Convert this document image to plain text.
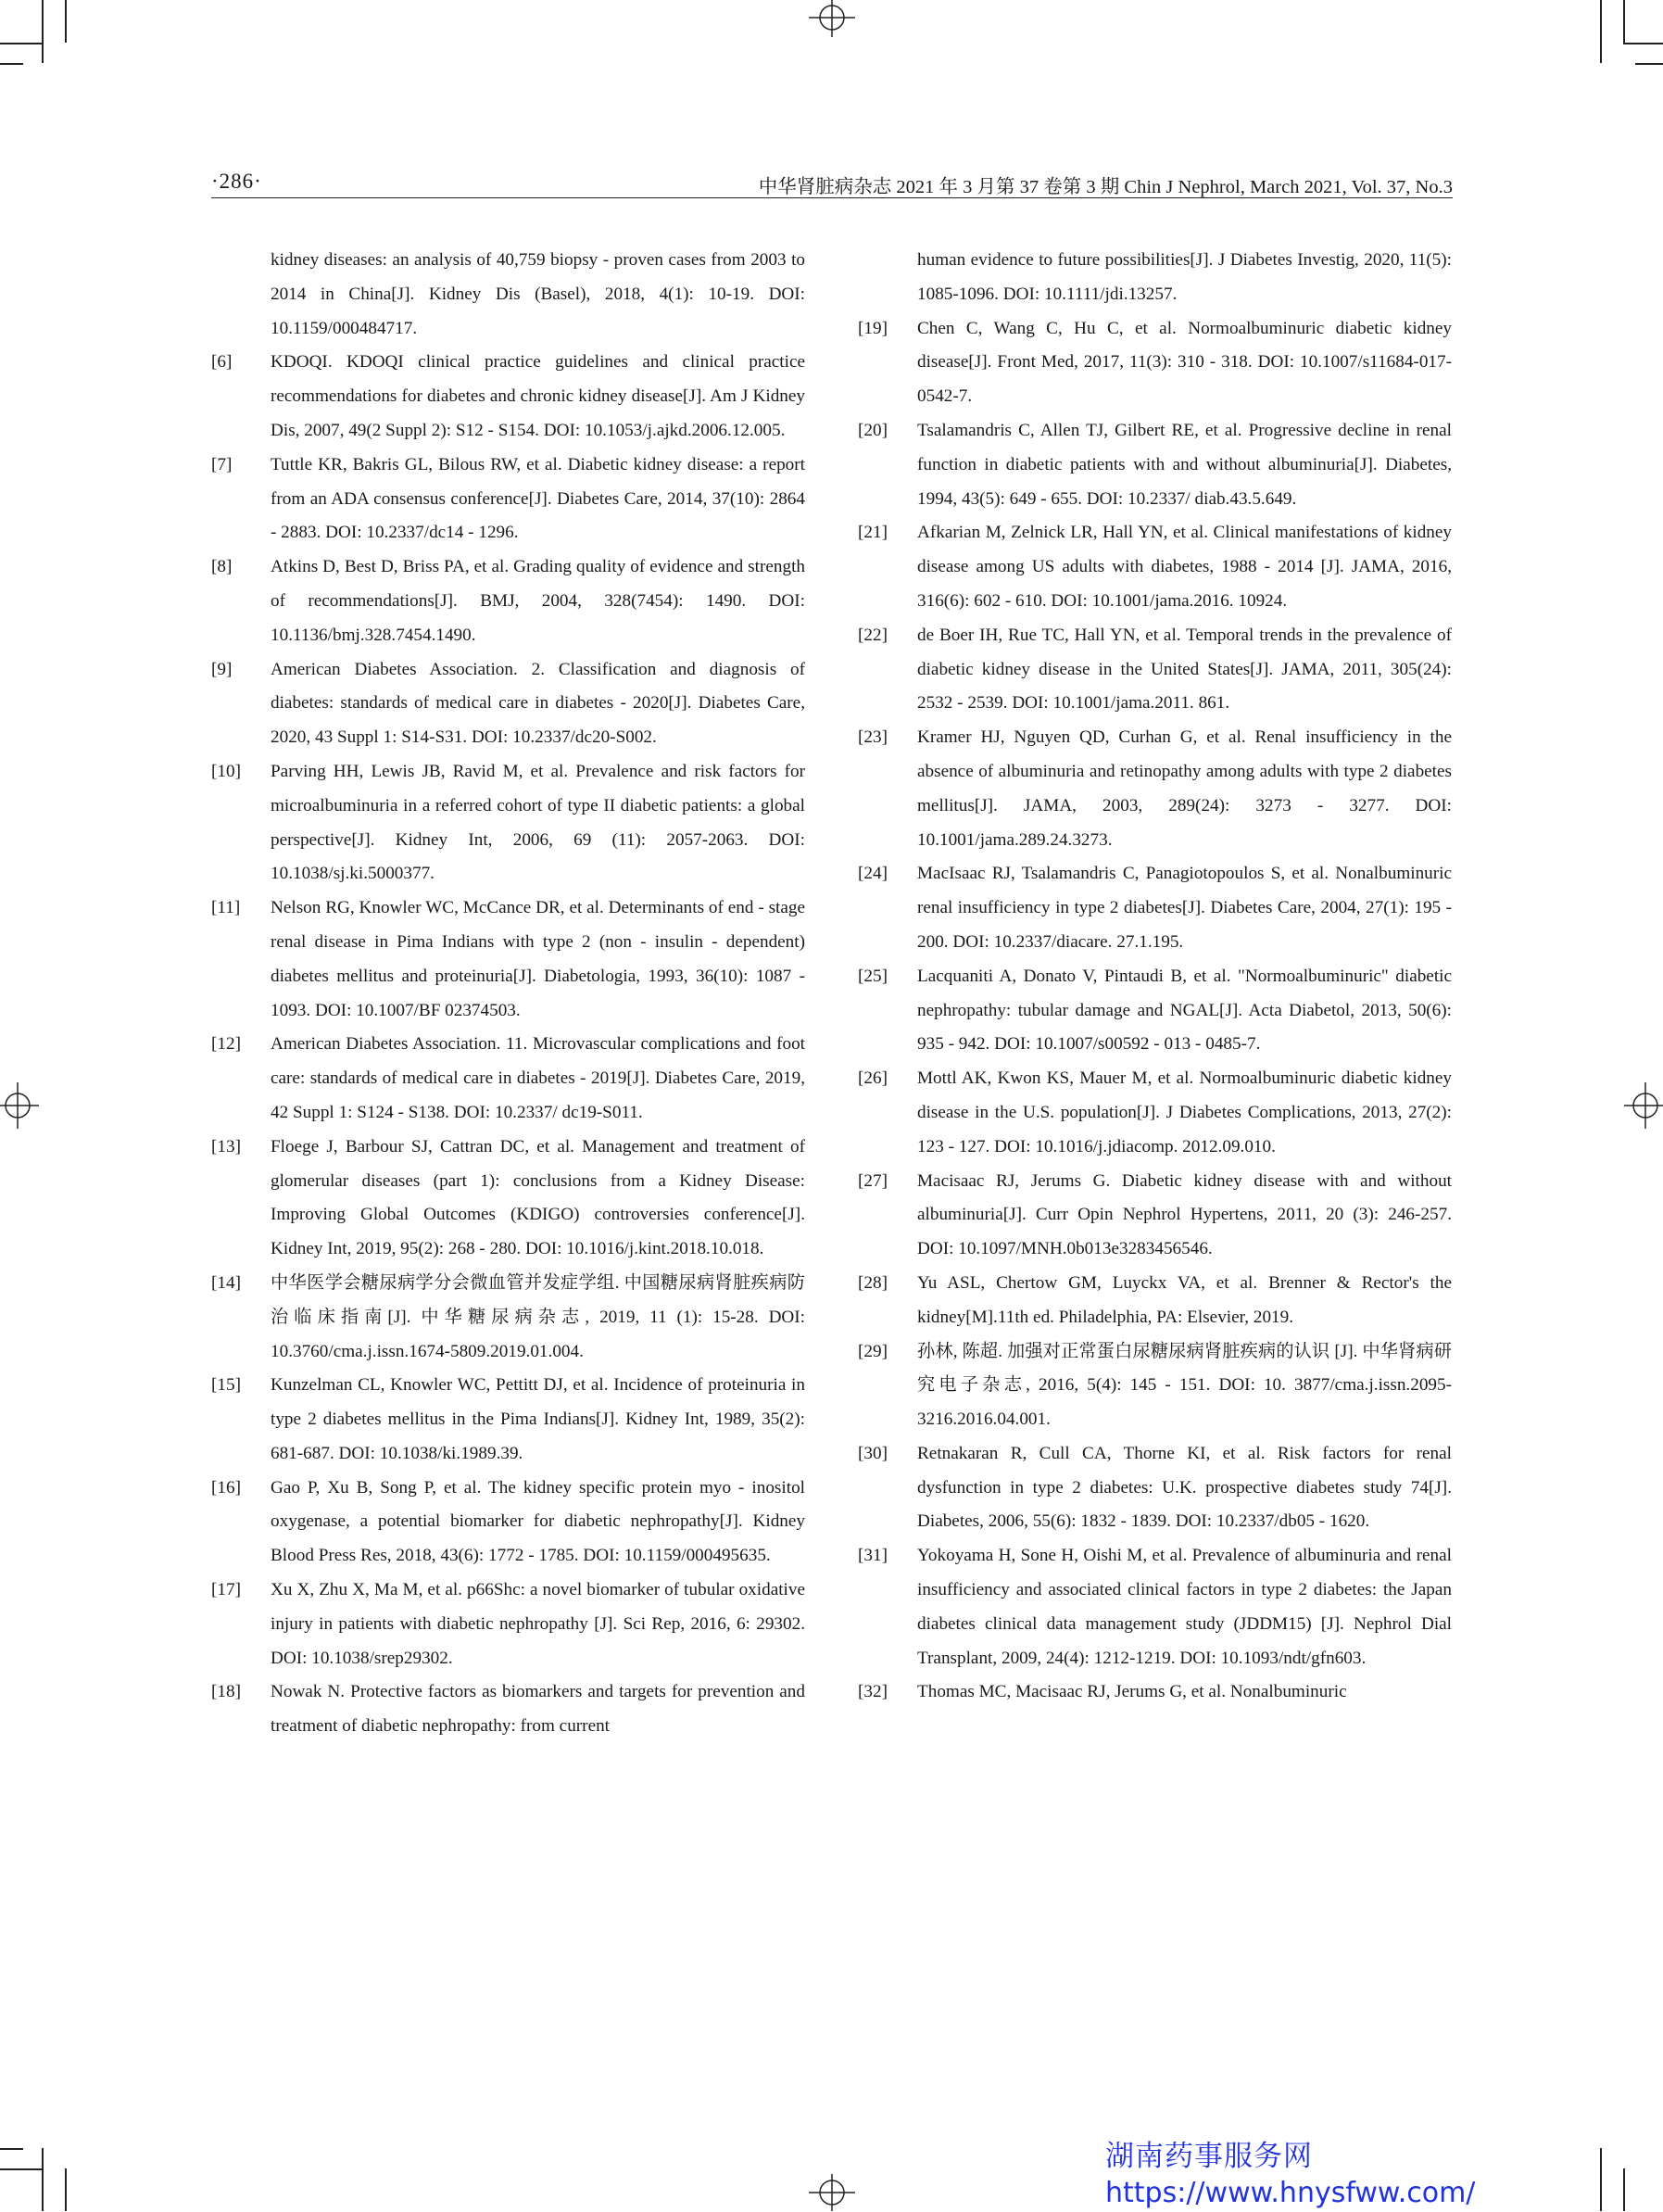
·286·	中华肾脏病杂志 2021 年 3 月第 37 卷第 3 期 Chin J Nephrol, March 2021, Vol. 37, No.3
kidney diseases: an analysis of 40,759 biopsy - proven cases from 2003 to 2014 in China[J]. Kidney Dis (Basel), 2018, 4(1): 10-19. DOI: 10.1159/000484717.
[6] KDOQI. KDOQI clinical practice guidelines and clinical practice recommendations for diabetes and chronic kidney disease[J]. Am J Kidney Dis, 2007, 49(2 Suppl 2): S12 - S154. DOI: 10.1053/j.ajkd.2006.12.005.
[7] Tuttle KR, Bakris GL, Bilous RW, et al. Diabetic kidney disease: a report from an ADA consensus conference[J]. Diabetes Care, 2014, 37(10): 2864 - 2883. DOI: 10.2337/dc14 - 1296.
[8] Atkins D, Best D, Briss PA, et al. Grading quality of evidence and strength of recommendations[J]. BMJ, 2004, 328(7454): 1490. DOI: 10.1136/bmj.328.7454.1490.
[9] American Diabetes Association. 2. Classification and diagnosis of diabetes: standards of medical care in diabetes - 2020[J]. Diabetes Care, 2020, 43 Suppl 1: S14-S31. DOI: 10.2337/dc20-S002.
[10] Parving HH, Lewis JB, Ravid M, et al. Prevalence and risk factors for microalbuminuria in a referred cohort of type II diabetic patients: a global perspective[J]. Kidney Int, 2006, 69 (11): 2057-2063. DOI: 10.1038/sj.ki.5000377.
[11] Nelson RG, Knowler WC, McCance DR, et al. Determinants of end - stage renal disease in Pima Indians with type 2 (non - insulin - dependent) diabetes mellitus and proteinuria[J]. Diabetologia, 1993, 36(10): 1087 - 1093. DOI: 10.1007/BF 02374503.
[12] American Diabetes Association. 11. Microvascular complications and foot care: standards of medical care in diabetes - 2019[J]. Diabetes Care, 2019, 42 Suppl 1: S124 - S138. DOI: 10.2337/ dc19-S011.
[13] Floege J, Barbour SJ, Cattran DC, et al. Management and treatment of glomerular diseases (part 1): conclusions from a Kidney Disease: Improving Global Outcomes (KDIGO) controversies conference[J]. Kidney Int, 2019, 95(2): 268 - 280. DOI: 10.1016/j.kint.2018.10.018.
[14] 中华医学会糖尿病学分会微血管并发症学组. 中国糖尿病肾脏疾病防治临床指南[J]. 中华糖尿病杂志, 2019, 11 (1): 15-28. DOI: 10.3760/cma.j.issn.1674-5809.2019.01.004.
[15] Kunzelman CL, Knowler WC, Pettitt DJ, et al. Incidence of proteinuria in type 2 diabetes mellitus in the Pima Indians[J]. Kidney Int, 1989, 35(2): 681-687. DOI: 10.1038/ki.1989.39.
[16] Gao P, Xu B, Song P, et al. The kidney specific protein myo - inositol oxygenase, a potential biomarker for diabetic nephropathy[J]. Kidney Blood Press Res, 2018, 43(6): 1772 - 1785. DOI: 10.1159/000495635.
[17] Xu X, Zhu X, Ma M, et al. p66Shc: a novel biomarker of tubular oxidative injury in patients with diabetic nephropathy [J]. Sci Rep, 2016, 6: 29302. DOI: 10.1038/srep29302.
[18] Nowak N. Protective factors as biomarkers and targets for prevention and treatment of diabetic nephropathy: from current
human evidence to future possibilities[J]. J Diabetes Investig, 2020, 11(5): 1085-1096. DOI: 10.1111/jdi.13257.
[19] Chen C, Wang C, Hu C, et al. Normoalbuminuric diabetic kidney disease[J]. Front Med, 2017, 11(3): 310 - 318. DOI: 10.1007/s11684-017-0542-7.
[20] Tsalamandris C, Allen TJ, Gilbert RE, et al. Progressive decline in renal function in diabetic patients with and without albuminuria[J]. Diabetes, 1994, 43(5): 649 - 655. DOI: 10.2337/ diab.43.5.649.
[21] Afkarian M, Zelnick LR, Hall YN, et al. Clinical manifestations of kidney disease among US adults with diabetes, 1988 - 2014 [J]. JAMA, 2016, 316(6): 602 - 610. DOI: 10.1001/jama.2016. 10924.
[22] de Boer IH, Rue TC, Hall YN, et al. Temporal trends in the prevalence of diabetic kidney disease in the United States[J]. JAMA, 2011, 305(24): 2532 - 2539. DOI: 10.1001/jama.2011. 861.
[23] Kramer HJ, Nguyen QD, Curhan G, et al. Renal insufficiency in the absence of albuminuria and retinopathy among adults with type 2 diabetes mellitus[J]. JAMA, 2003, 289(24): 3273 - 3277. DOI: 10.1001/jama.289.24.3273.
[24] MacIsaac RJ, Tsalamandris C, Panagiotopoulos S, et al. Nonalbuminuric renal insufficiency in type 2 diabetes[J]. Diabetes Care, 2004, 27(1): 195 - 200. DOI: 10.2337/diacare. 27.1.195.
[25] Lacquaniti A, Donato V, Pintaudi B, et al. "Normoalbuminuric" diabetic nephropathy: tubular damage and NGAL[J]. Acta Diabetol, 2013, 50(6): 935 - 942. DOI: 10.1007/s00592 - 013 - 0485-7.
[26] Mottl AK, Kwon KS, Mauer M, et al. Normoalbuminuric diabetic kidney disease in the U.S. population[J]. J Diabetes Complications, 2013, 27(2): 123 - 127. DOI: 10.1016/j.jdiacomp. 2012.09.010.
[27] Macisaac RJ, Jerums G. Diabetic kidney disease with and without albuminuria[J]. Curr Opin Nephrol Hypertens, 2011, 20 (3): 246-257. DOI: 10.1097/MNH.0b013e3283456546.
[28] Yu ASL, Chertow GM, Luyckx VA, et al. Brenner & Rector's the kidney[M].11th ed. Philadelphia, PA: Elsevier, 2019.
[29] 孙林, 陈超. 加强对正常蛋白尿糖尿病肾脏疾病的认识 [J]. 中华肾病研究电子杂志, 2016, 5(4): 145 - 151. DOI: 10. 3877/cma.j.issn.2095-3216.2016.04.001.
[30] Retnakaran R, Cull CA, Thorne KI, et al. Risk factors for renal dysfunction in type 2 diabetes: U.K. prospective diabetes study 74[J]. Diabetes, 2006, 55(6): 1832 - 1839. DOI: 10.2337/db05 - 1620.
[31] Yokoyama H, Sone H, Oishi M, et al. Prevalence of albuminuria and renal insufficiency and associated clinical factors in type 2 diabetes: the Japan diabetes clinical data management study (JDDM15) [J]. Nephrol Dial Transplant, 2009, 24(4): 1212-1219. DOI: 10.1093/ndt/gfn603.
[32] Thomas MC, Macisaac RJ, Jerums G, et al. Nonalbuminuric
湖南药事服务网
https://www.hnysfww.com/
